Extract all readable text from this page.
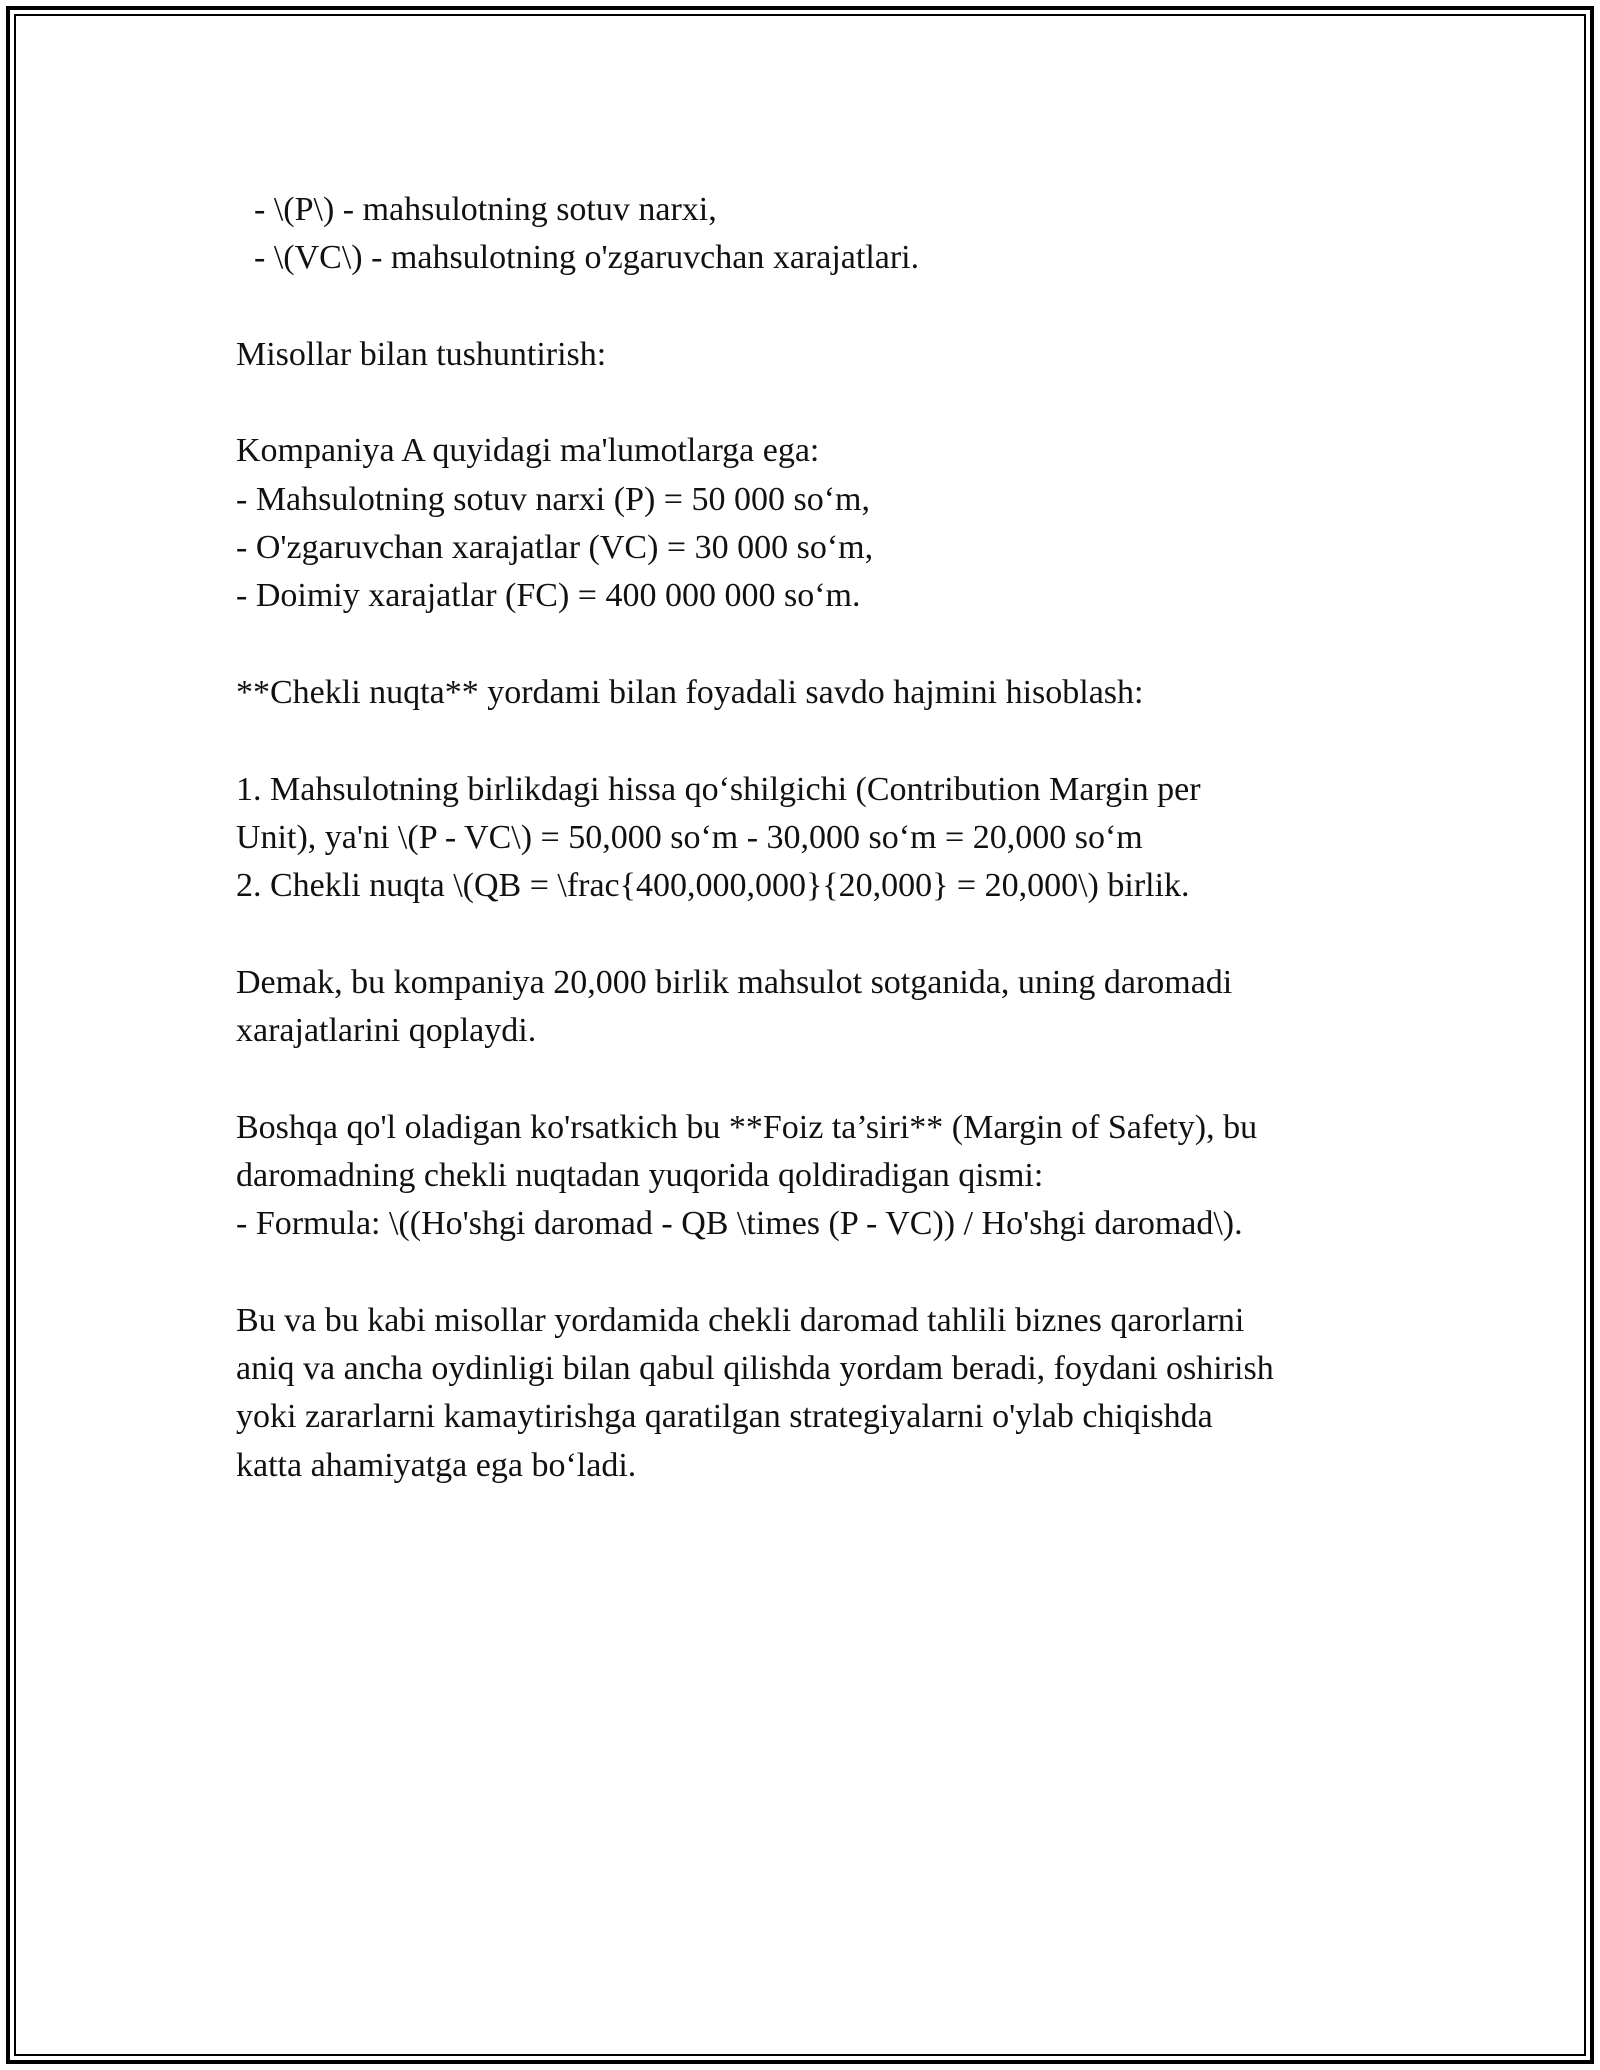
- \(P\) - mahsulotning sotuv narxi,
- \(VC\) - mahsulotning o'zgaruvchan xarajatlari.
Misollar bilan tushuntirish:
Kompaniya A quyidagi ma'lumotlarga ega:
- Mahsulotning sotuv narxi (P) = 50 000 so‘m,
- O'zgaruvchan xarajatlar (VC) = 30 000 so‘m,
- Doimiy xarajatlar (FC) = 400 000 000 so‘m.
**Chekli nuqta** yordami bilan foyadali savdo hajmini hisoblash:
1. Mahsulotning birlikdagi hissa qo‘shilgichi (Contribution Margin per
Unit), ya'ni \(P - VC\) = 50,000 so‘m - 30,000 so‘m = 20,000 so‘m
2. Chekli nuqta \(QB = \frac{400,000,000}{20,000} = 20,000\) birlik.
Demak, bu kompaniya 20,000 birlik mahsulot sotganida, uning daromadi
xarajatlarini qoplaydi.
Boshqa qo'l oladigan ko'rsatkich bu **Foiz ta’siri** (Margin of Safety), bu
daromadning chekli nuqtadan yuqorida qoldiradigan qismi:
- Formula: \((Ho'shgi daromad - QB \times (P - VC)) / Ho'shgi daromad\).
Bu va bu kabi misollar yordamida chekli daromad tahlili biznes qarorlarni
aniq va ancha oydinligi bilan qabul qilishda yordam beradi, foydani oshirish
yoki zararlarni kamaytirishga qaratilgan strategiyalarni o'ylab chiqishda
katta ahamiyatga ega bo‘ladi.
